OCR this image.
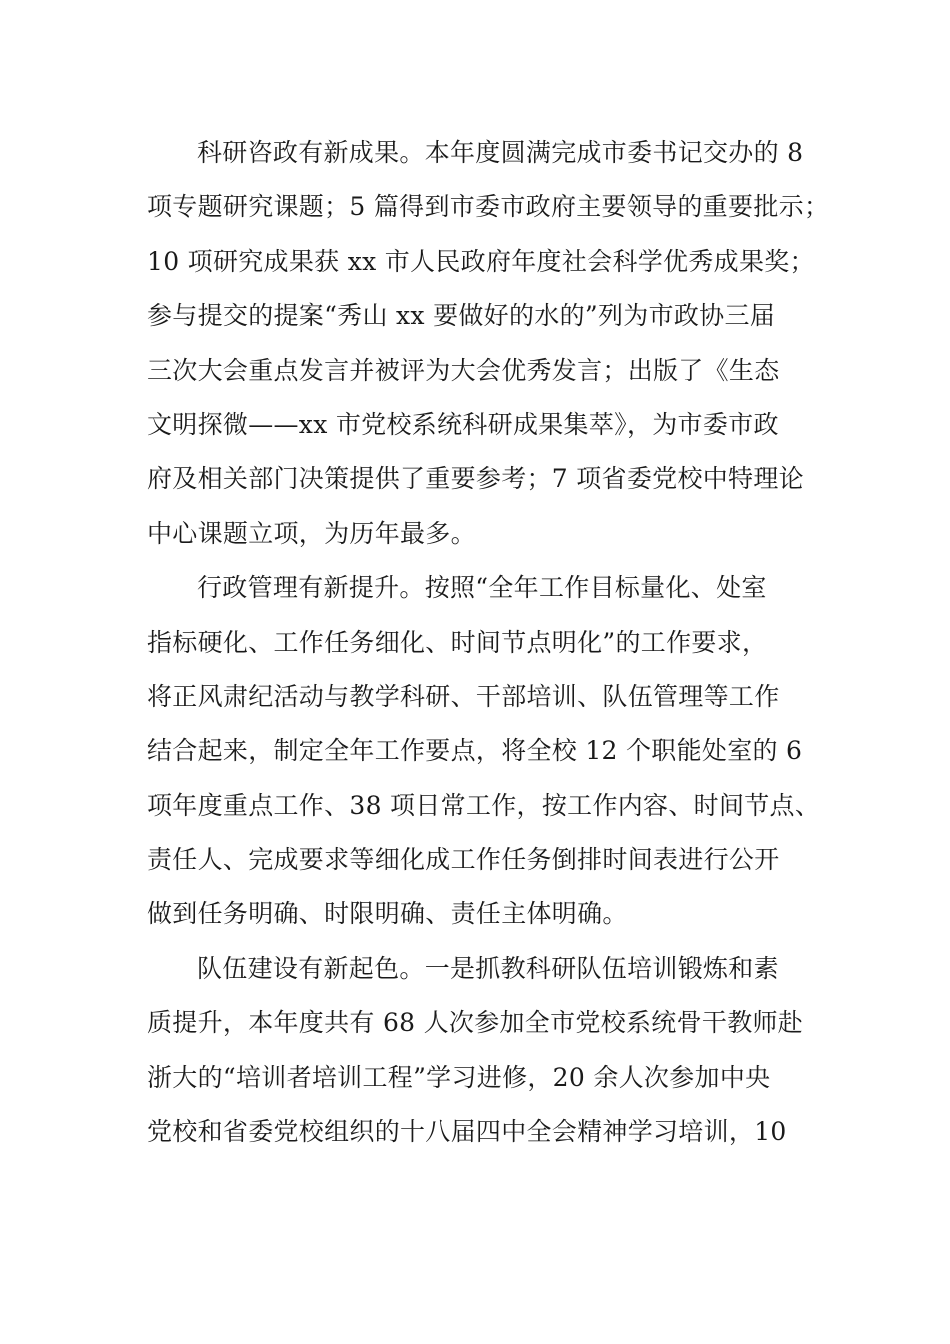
科研咨政有新成果。本年度圆满完成市委书记交办的 8
项专题研究课题；5 篇得到市委市政府主要领导的重要批示；
10 项研究成果获 xx 市人民政府年度社会科学优秀成果奖；
参与提交的提案“秀山 xx 要做好的水的”列为市政协三届
三次大会重点发言并被评为大会优秀发言；出版了《生态
文明探微——xx 市党校系统科研成果集萃》，为市委市政
府及相关部门决策提供了重要参考；7 项省委党校中特理论
中心课题立项，为历年最多。
行政管理有新提升。按照“全年工作目标量化、处室
指标硬化、工作任务细化、时间节点明化”的工作要求，
将正风肃纪活动与教学科研、干部培训、队伍管理等工作
结合起来，制定全年工作要点，将全校 12 个职能处室的 6
项年度重点工作、38 项日常工作，按工作内容、时间节点、
责任人、完成要求等细化成工作任务倒排时间表进行公开
做到任务明确、时限明确、责任主体明确。
队伍建设有新起色。一是抓教科研队伍培训锻炼和素
质提升，本年度共有 68 人次参加全市党校系统骨干教师赴
浙大的“培训者培训工程”学习进修，20 余人次参加中央
党校和省委党校组织的十八届四中全会精神学习培训，10
